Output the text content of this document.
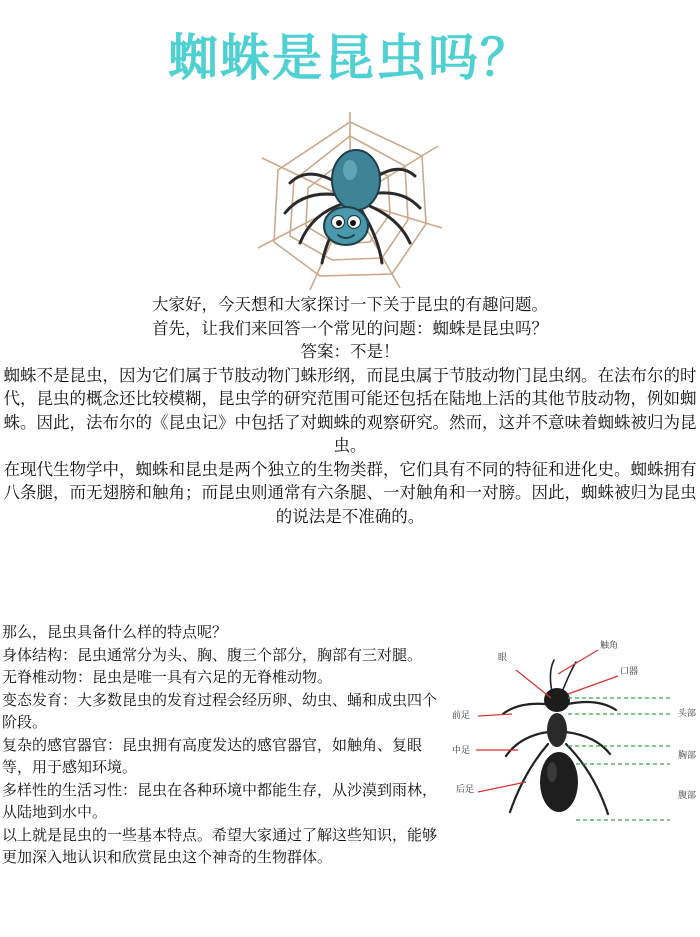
蜘蛛是昆虫吗？

大家好，今天想和大家探讨一下关于昆虫的有趣问题。

首先，让我们来回答一个常见的问题：蜘蛛是昆虫吗？

答案：不是！

蜘蛛不是昆虫，因为它们属于节肢动物门蛛形纲，而昆虫属于节肢动物门昆虫纲。在法布尔的时代，昆虫的概念还比较模糊，昆虫学的研究范围可能还包括在陆地上活的其他节肢动物，例如蜘蛛。因此，法布尔的《昆虫记》中包括了对蜘蛛的观察研究。然而，这并不意味着蜘蛛被归为昆虫。

在现代生物学中，蜘蛛和昆虫是两个独立的生物类群，它们具有不同的特征和进化史。蜘蛛拥有八条腿，而无翅膀和触角；而昆虫则通常有六条腿、一对触角和一对膀。因此，蜘蛛被归为昆虫的说法是不准确的。

那么，昆虫具备什么样的特点呢？

身体结构：昆虫通常分为头、胸、腹三个部分，胸部有三对腿。

无脊椎动物：昆虫是唯一具有六足的无脊椎动物。

变态发育：大多数昆虫的发育过程会经历卵、幼虫、蛹和成虫四个阶段。

复杂的感官器官：昆虫拥有高度发达的感官器官，如触角、复眼等，用于感知环境。

多样性的生活习性：昆虫在各种环境中都能生存，从沙漠到雨林，从陆地到水中。

以上就是昆虫的一些基本特点。希望大家通过了解这些知识，能够更加深入地认识和欣赏昆虫这个神奇的生物群体。

眼
触角
口器
前足
中足
后足
头部
胸部
腹部
